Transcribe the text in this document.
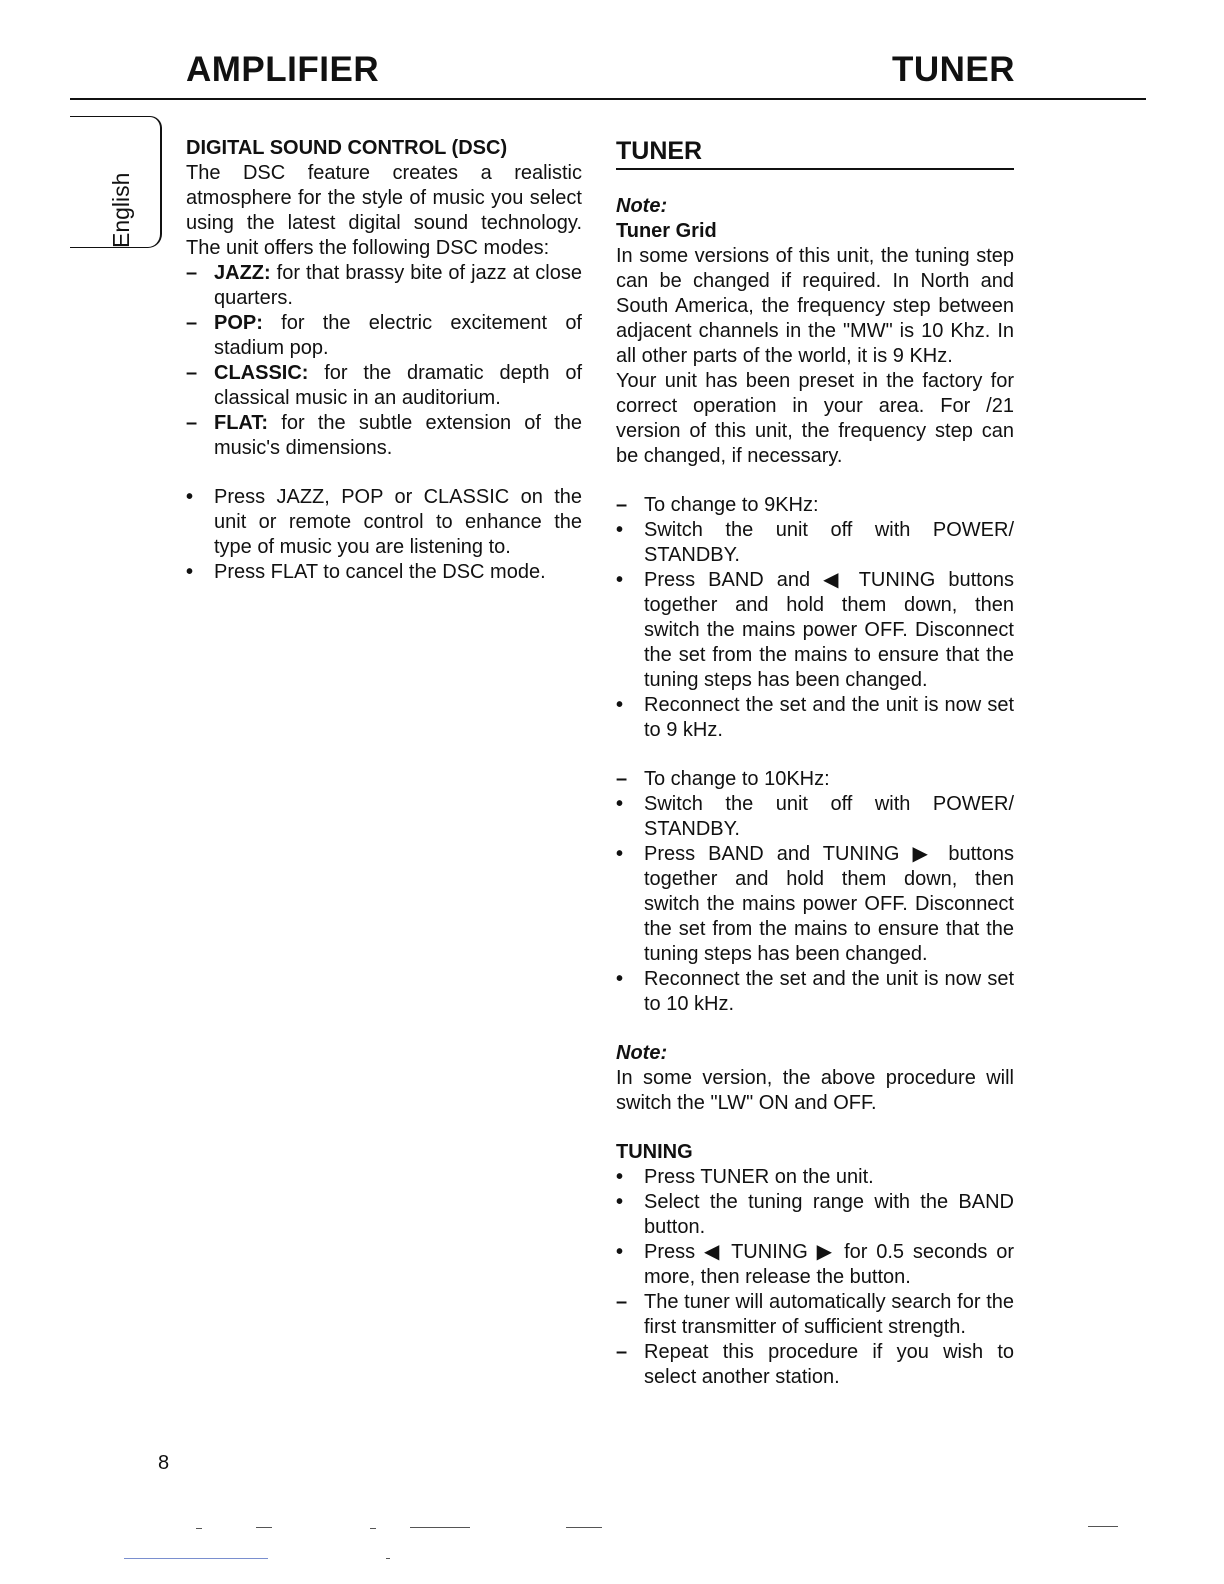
AMPLIFIER	TUNER
English
DIGITAL SOUND CONTROL (DSC)

The DSC feature creates a realistic atmosphere for the style of music you select using the latest digital sound technology. The unit offers the following DSC modes:

– JAZZ: for that brassy bite of jazz at close quarters.
– POP: for the electric excitement of stadium pop.
– CLASSIC: for the dramatic depth of classical music in an auditorium.
– FLAT: for the subtle extension of the music's dimensions.
• Press JAZZ, POP or CLASSIC on the unit or remote control to enhance the type of music you are listening to.
• Press FLAT to cancel the DSC mode.
TUNER
Note:
Tuner Grid

In some versions of this unit, the tuning step can be changed if required. In North and South America, the frequency step between adjacent channels in the "MW" is 10 Khz. In all other parts of the world, it is 9 KHz.

Your unit has been preset in the factory for correct operation in your area. For /21 version of this unit, the frequency step can be changed, if necessary.

– To change to 9KHz:
• Switch the unit off with POWER/ STANDBY.
• Press BAND and ◀ TUNING buttons together and hold them down, then switch the mains power OFF. Disconnect the set from the mains to ensure that the tuning steps has been changed.
• Reconnect the set and the unit is now set to 9 kHz.
– To change to 10KHz:
• Switch the unit off with POWER/ STANDBY.
• Press BAND and TUNING ▶ buttons together and hold them down, then switch the mains power OFF. Disconnect the set from the mains to ensure that the tuning steps has been changed.
• Reconnect the set and the unit is now set to 10 kHz.
Note:

In some version, the above procedure will switch the "LW" ON and OFF.

TUNING
• Press TUNER on the unit.
• Select the tuning range with the BAND button.
• Press ◀ TUNING ▶ for 0.5 seconds or more, then release the button.
– The tuner will automatically search for the first transmitter of sufficient strength.
– Repeat this procedure if you wish to select another station.
8
